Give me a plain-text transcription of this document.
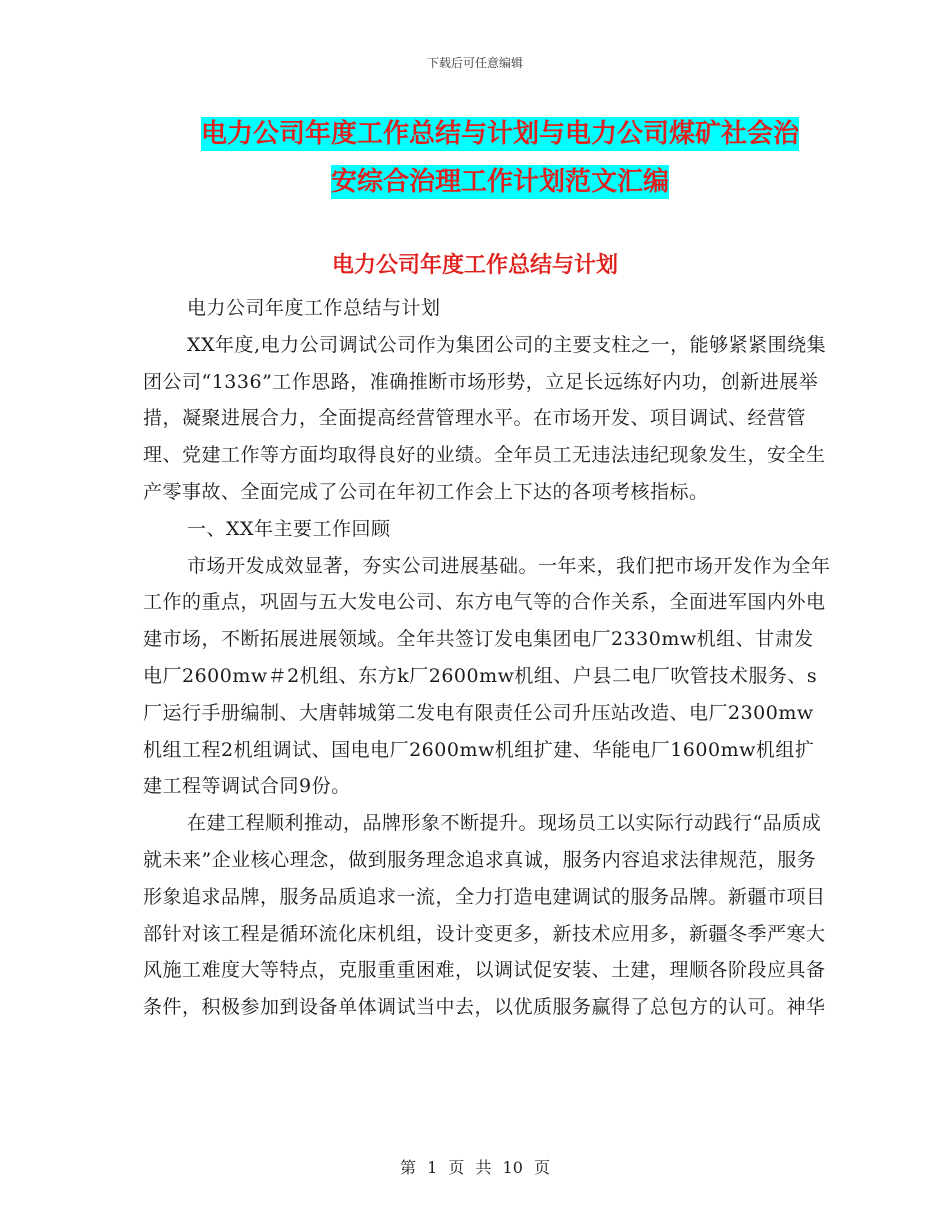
下载后可任意编辑
电力公司年度工作总结与计划与电力公司煤矿社会治
安综合治理工作计划范文汇编
电力公司年度工作总结与计划

电力公司年度工作总结与计划

XX年度,电力公司调试公司作为集团公司的主要支柱之一，能够紧紧围绕集团公司“1336”工作思路，准确推断市场形势，立足长远练好内功，创新进展举措，凝聚进展合力，全面提高经营管理水平。在市场开发、项目调试、经营管理、党建工作等方面均取得良好的业绩。全年员工无违法违纪现象发生，安全生产零事故、全面完成了公司在年初工作会上下达的各项考核指标。

一、XX年主要工作回顾

市场开发成效显著，夯实公司进展基础。一年来，我们把市场开发作为全年工作的重点，巩固与五大发电公司、东方电气等的合作关系，全面进军国内外电建市场，不断拓展进展领域。全年共签订发电集团电厂2330mw机组、甘肃发电厂2600mw＃2机组、东方k厂2600mw机组、户县二电厂吹管技术服务、s厂运行手册编制、大唐韩城第二发电有限责任公司升压站改造、电厂2300mw机组工程2机组调试、国电电厂2600mw机组扩建、华能电厂1600mw机组扩建工程等调试合同9份。

在建工程顺利推动，品牌形象不断提升。现场员工以实际行动践行“品质成就未来”企业核心理念，做到服务理念追求真诚，服务内容追求法律规范，服务形象追求品牌，服务品质追求一流，全力打造电建调试的服务品牌。新疆市项目部针对该工程是循环流化床机组，设计变更多，新技术应用多，新疆冬季严寒大风施工难度大等特点，克服重重困难，以调试促安装、土建，理顺各阶段应具备条件，积极参加到设备单体调试当中去，以优质服务赢得了总包方的认可。神华

第 1 页 共 10 页
